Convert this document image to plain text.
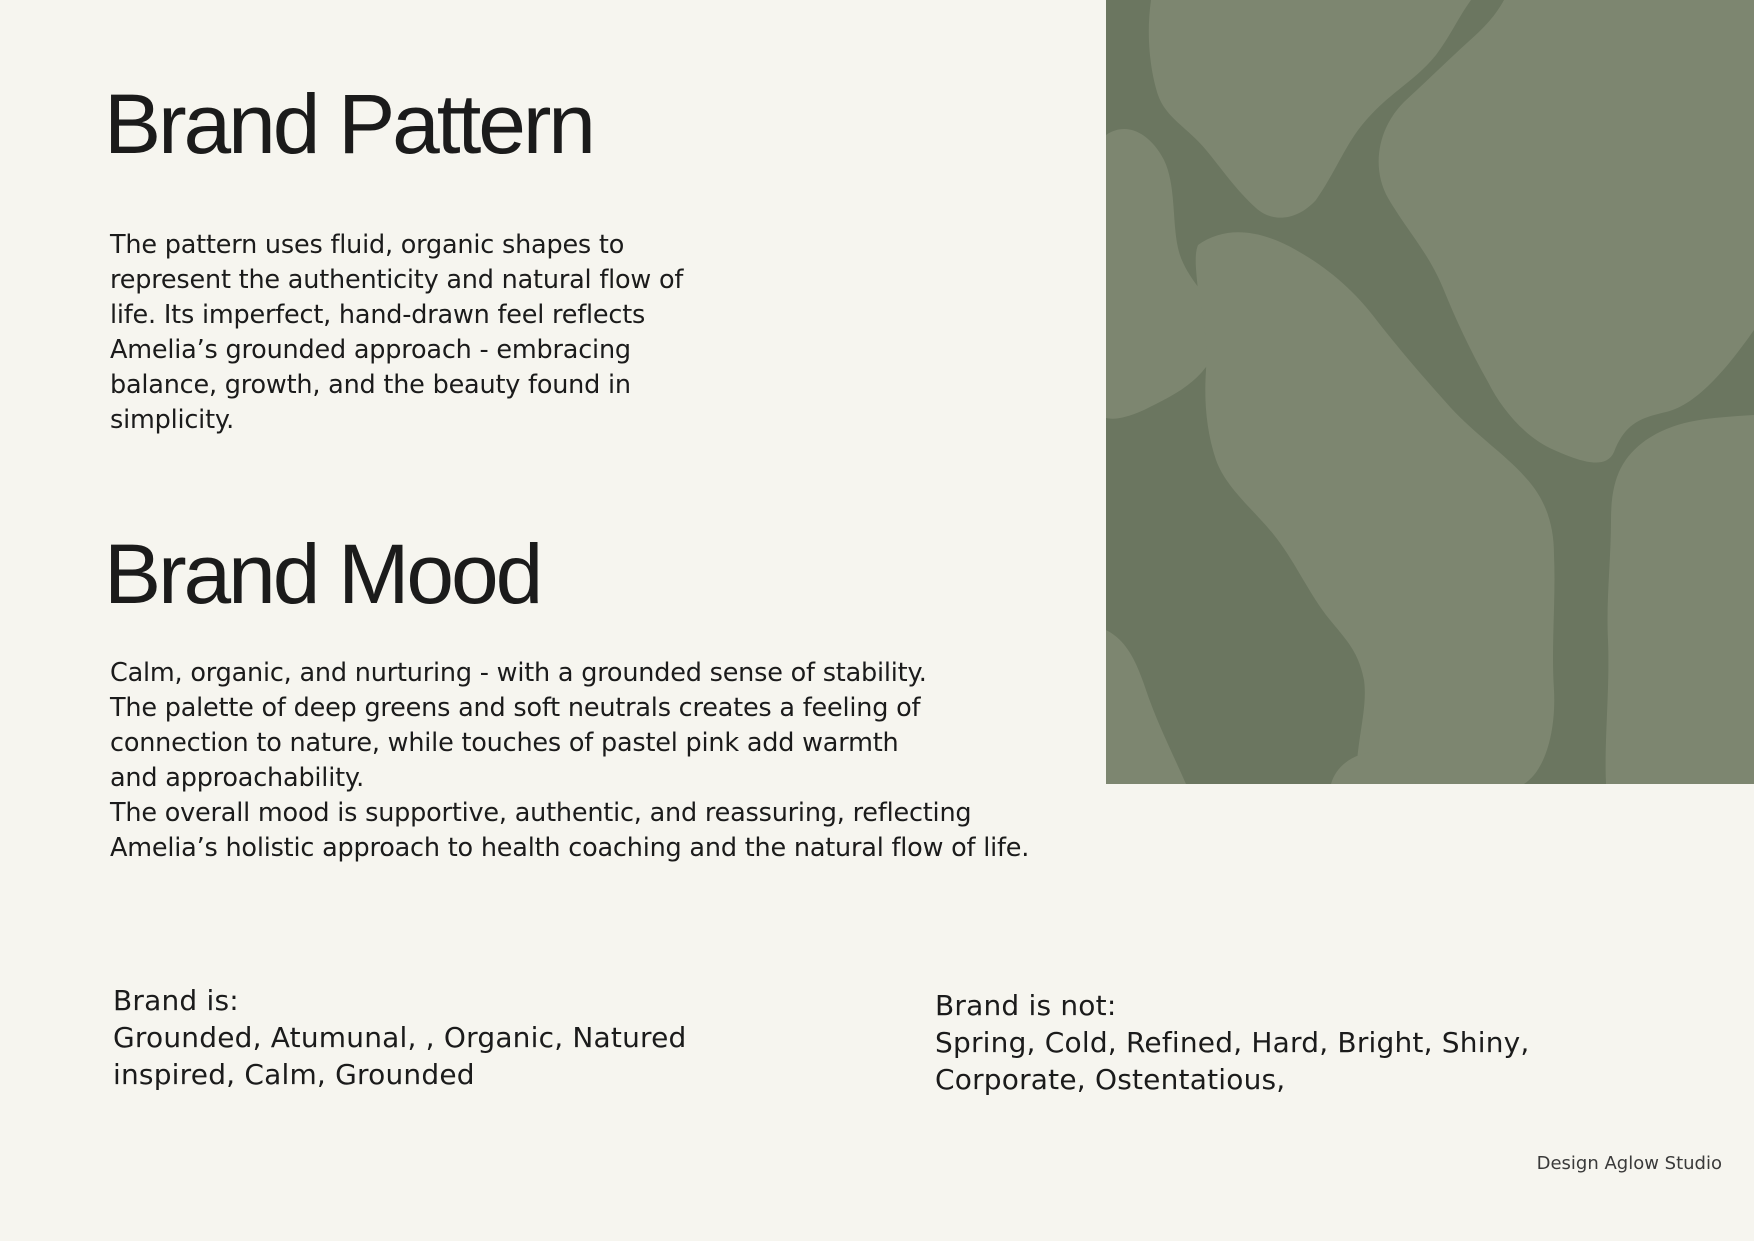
Brand Pattern
The pattern uses fluid, organic shapes to
represent the authenticity and natural flow of
life. Its imperfect, hand-drawn feel reflects
Amelia’s grounded approach - embracing
balance, growth, and the beauty found in
simplicity.
Brand Mood
Calm, organic, and nurturing - with a grounded sense of stability.
The palette of deep greens and soft neutrals creates a feeling of
connection to nature, while touches of pastel pink add warmth
and approachability.
The overall mood is supportive, authentic, and reassuring, reflecting
Amelia’s holistic approach to health coaching and the natural flow of life.
Brand is:
Grounded, Atumunal, , Organic, Natured
inspired, Calm, Grounded
Brand is not:
Spring, Cold, Refined, Hard, Bright, Shiny,
Corporate, Ostentatious,
Design Aglow Studio
